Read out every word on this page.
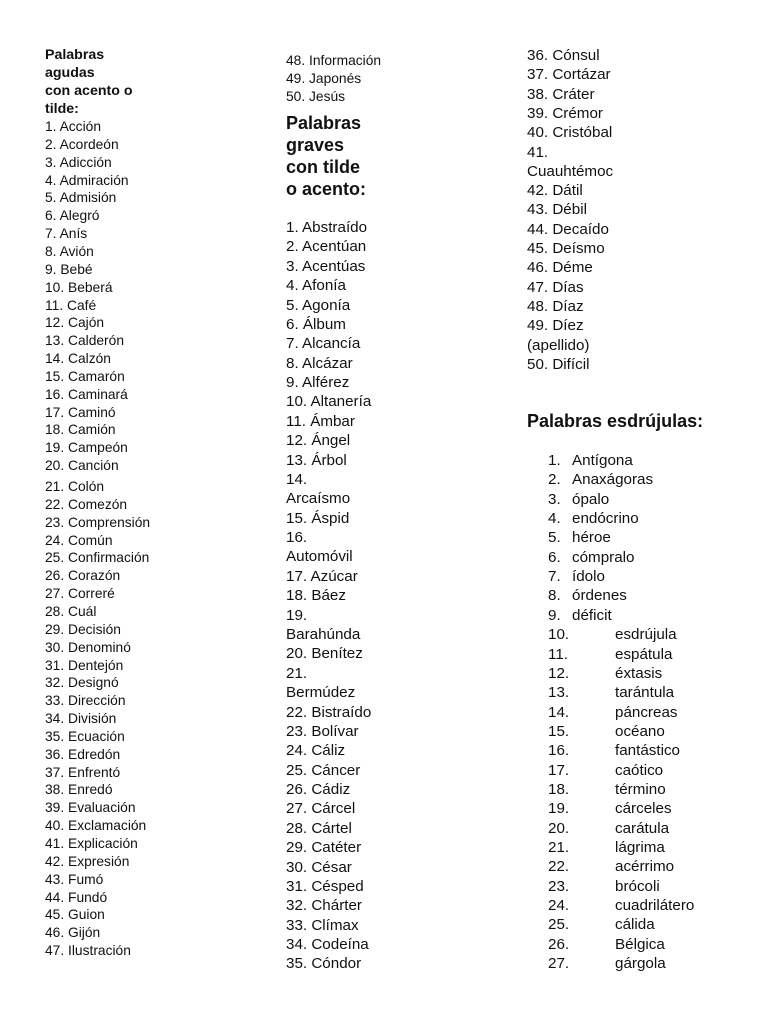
Palabras
agudas
con acento o
tilde:
1. Acción
2. Acordeón
3. Adicción
4. Admiración
5. Admisión
6. Alegró
7. Anís
8. Avión
9. Bebé
10. Beberá
11. Café
12. Cajón
13. Calderón
14. Calzón
15. Camarón
16. Caminará
17. Caminó
18. Camión
19. Campeón
20. Canción
21. Colón
22. Comezón
23. Comprensión
24. Común
25. Confirmación
26. Corazón
27. Correré
28. Cuál
29. Decisión
30. Denominó
31. Dentejón
32. Designó
33. Dirección
34. División
35. Ecuación
36. Edredón
37. Enfrentó
38. Enredó
39. Evaluación
40. Exclamación
41. Explicación
42. Expresión
43. Fumó
44. Fundó
45. Guion
46. Gijón
47. Ilustración
48. Información
49. Japonés
50. Jesús
Palabras
graves
con tilde
o acento:
1. Abstraído
2. Acentúan
3. Acentúas
4. Afonía
5. Agonía
6. Álbum
7. Alcancía
8. Alcázar
9. Alférez
10. Altanería
11. Ámbar
12. Ángel
13. Árbol
14.
Arcaísmo
15. Áspid
16.
Automóvil
17. Azúcar
18. Báez
19.
Barahúnda
20. Benítez
21.
Bermúdez
22. Bistraído
23. Bolívar
24. Cáliz
25. Cáncer
26. Cádiz
27. Cárcel
28. Cártel
29. Catéter
30. César
31. Césped
32. Chárter
33. Clímax
34. Codeína
35. Cóndor
Palabras esdrújulas:
36. Cónsul
37. Cortázar
38. Cráter
39. Crémor
40. Cristóbal
41.
Cuauhtémoc
42. Dátil
43. Débil
44. Decaído
45. Deísmo
46. Déme
47. Días
48. Díaz
49. Díez
(apellido)
50. Difícil
1. Antígona
2. Anaxágoras
3. ópalo
4. endócrino
5. héroe
6. cómpralo
7. ídolo
8. órdenes
9. déficit
10.	esdrújula
11.	espátula
12.	éxtasis
13.	tarántula
14.	páncreas
15.	océano
16.	fantástico
17.	caótico
18.	término
19.	cárceles
20.	carátula
21.	lágrima
22.	acérrimo
23.	brócoli
24.	cuadrilátero
25.	cálida
26.	Bélgica
27.	gárgola
